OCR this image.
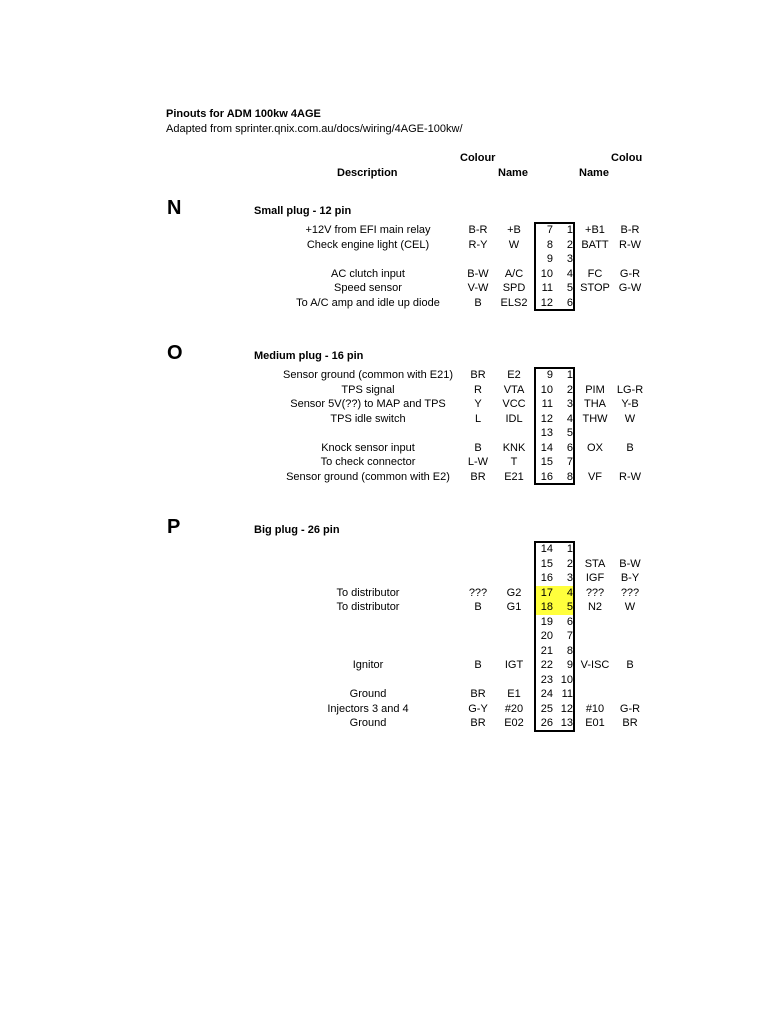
Pinouts for ADM 100kw 4AGE
Adapted from sprinter.qnix.com.au/docs/wiring/4AGE-100kw/
Colour	Colou
Description	Name	Name
N	Small plug - 12 pin
+12V from EFI main relay	B-R	+B	7	1	+B1	B-R
Check engine light (CEL)	R-Y	W	8	2 BATT R-W
9	3
AC clutch input	B-W	A/C	10	4	FC	G-R
Speed sensor	V-W	SPD	11	5 STOP G-W
To A/C amp and idle up diode	B	ELS2	12	6
O	Medium plug - 16 pin
Sensor ground (common with E21)	BR	E2	9	1
TPS signal	R	VTA	10	2	PIM	LG-R
Sensor 5V(??) to MAP and TPS	Y	VCC	11	3	THA	Y-B
TPS idle switch	L	IDL	12	4 THW	W
13	5
Knock sensor input	B	KNK	14	6	OX	B
To check connector	L-W	T	15	7
Sensor ground (common with E2)	BR	E21	16	8	VF	R-W
P	Big plug - 26 pin
14	1
15	2	STA	B-W
16	3	IGF	B-Y
To distributor	???	G2	17	4	???	???
To distributor	B	G1	18	5	N2	W
19	6
20	7
21	8
Ignitor	B	IGT	22	9 V-ISC	B
23 10
Ground	BR	E1	24 11
Injectors 3 and 4	G-Y	#20	25 12	#10	G-R
Ground	BR	E02	26 13	E01	BR
